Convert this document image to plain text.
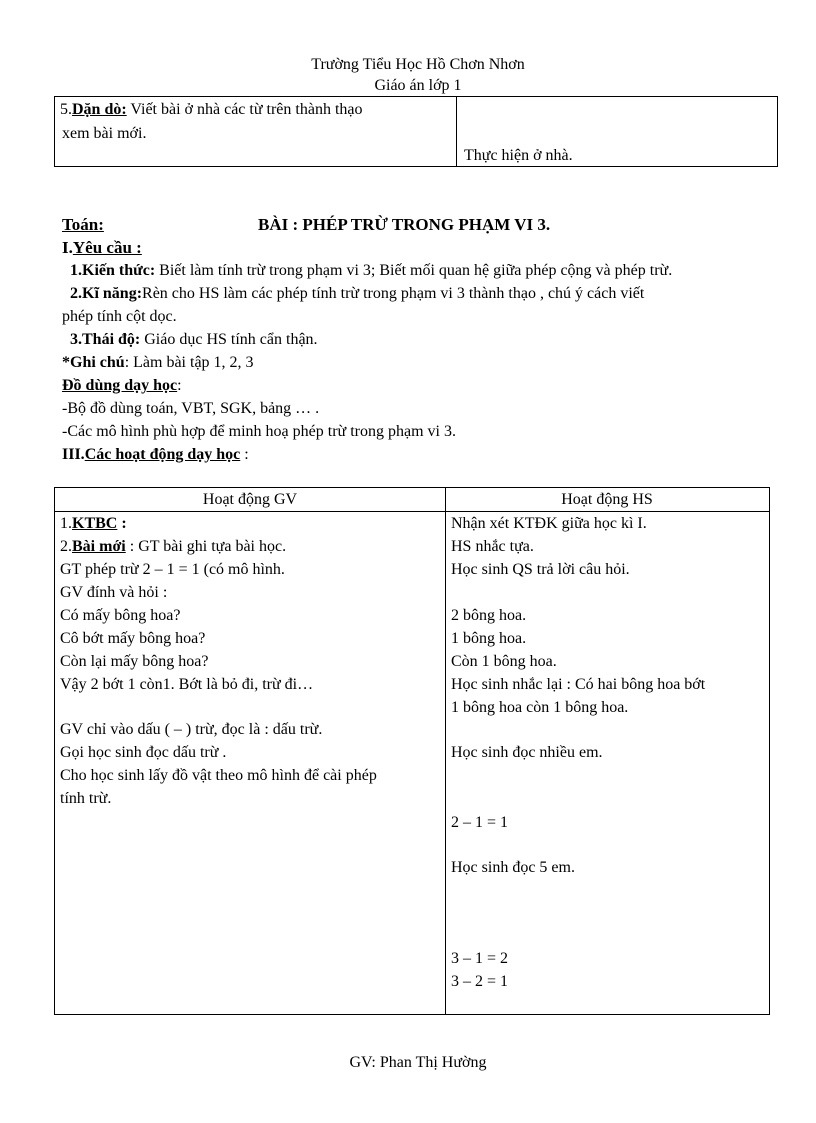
Trường Tiểu Học Hồ Chơn Nhơn
Giáo án lớp 1
5.Dặn dò: Viết bài ở nhà các từ trên thành thạo
xem bài mới.
Thực hiện ở nhà.
Toán:	BÀI : PHÉP TRỪ TRONG PHẠM VI 3.
I.Yêu cầu :
1.Kiến thức: Biết làm tính trừ trong phạm vi 3; Biết mối quan hệ giữa phép cộng và phép trừ.
2.Kĩ năng:Rèn cho HS làm các phép tính trừ trong phạm vi 3 thành thạo , chú ý cách viết
phép tính cột dọc.
3.Thái độ: Giáo dục HS tính cẩn thận.
*Ghi chú: Làm bài tập 1, 2, 3
Đồ dùng dạy học:
-Bộ đồ dùng toán, VBT, SGK, bảng … .
-Các mô hình phù hợp để minh hoạ phép trừ trong phạm vi 3.
III.Các hoạt động dạy học :
Hoạt động GV	Hoạt động HS
1.KTBC :
2.Bài mới : GT bài ghi tựa bài học.
GT phép trừ 2 – 1 = 1 (có mô hình.
GV đính và hỏi :
Có mấy bông hoa?
Cô bớt mấy bông hoa?
Còn lại mấy bông hoa?
Vậy 2 bớt 1 còn1. Bớt là bỏ đi, trừ đi…
GV chỉ vào dấu ( – ) trừ, đọc là : dấu trừ.
Gọi học sinh đọc dấu trừ .
Cho học sinh lấy đồ vật theo mô hình để cài phép
tính trừ.
Nhận xét KTĐK giữa học kì I.
HS nhắc tựa.
Học sinh QS trả lời câu hỏi.
2 bông hoa.
1 bông hoa.
Còn 1 bông hoa.
Học sinh nhắc lại : Có hai bông hoa bớt
1 bông hoa còn 1 bông hoa.
Học sinh đọc nhiều em.
2 – 1 = 1
Học sinh đọc 5 em.
3 – 1 = 2
3 – 2 = 1
GV: Phan Thị Hường
